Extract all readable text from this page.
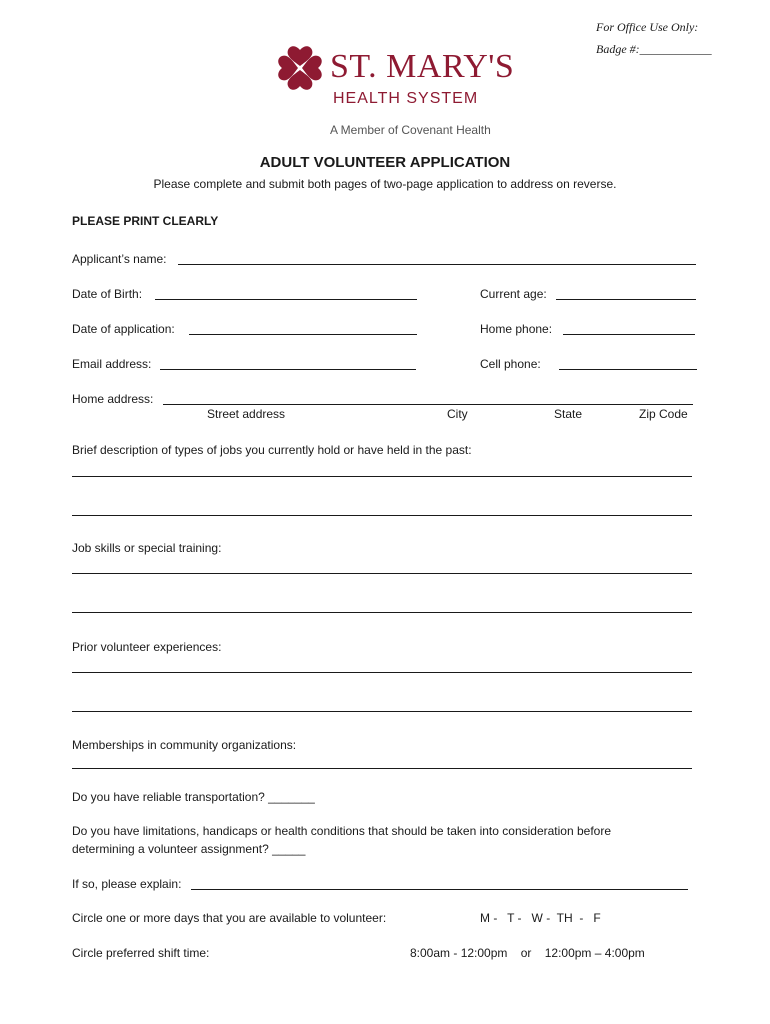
For Office Use Only:
Badge #:____________
ST. MARY'S
HEALTH SYSTEM
A Member of Covenant Health
ADULT VOLUNTEER APPLICATION
Please complete and submit both pages of two-page application to address on reverse.
PLEASE PRINT CLEARLY
Applicant’s name:
Date of Birth:	Current age:
Date of application:	Home phone:
Email address:	Cell phone:
Home address:
Street address	City	State	Zip Code
Brief description of types of jobs you currently hold or have held in the past:
Job skills or special training:
Prior volunteer experiences:
Memberships in community organizations:
Do you have reliable transportation? _______
Do you have limitations, handicaps or health conditions that should be taken into consideration before
determining a volunteer assignment? _____
If so, please explain:
Circle one or more days that you are available to volunteer:	M -   T -   W -  TH  -   F
Circle preferred shift time:	8:00am - 12:00pm    or    12:00pm – 4:00pm
